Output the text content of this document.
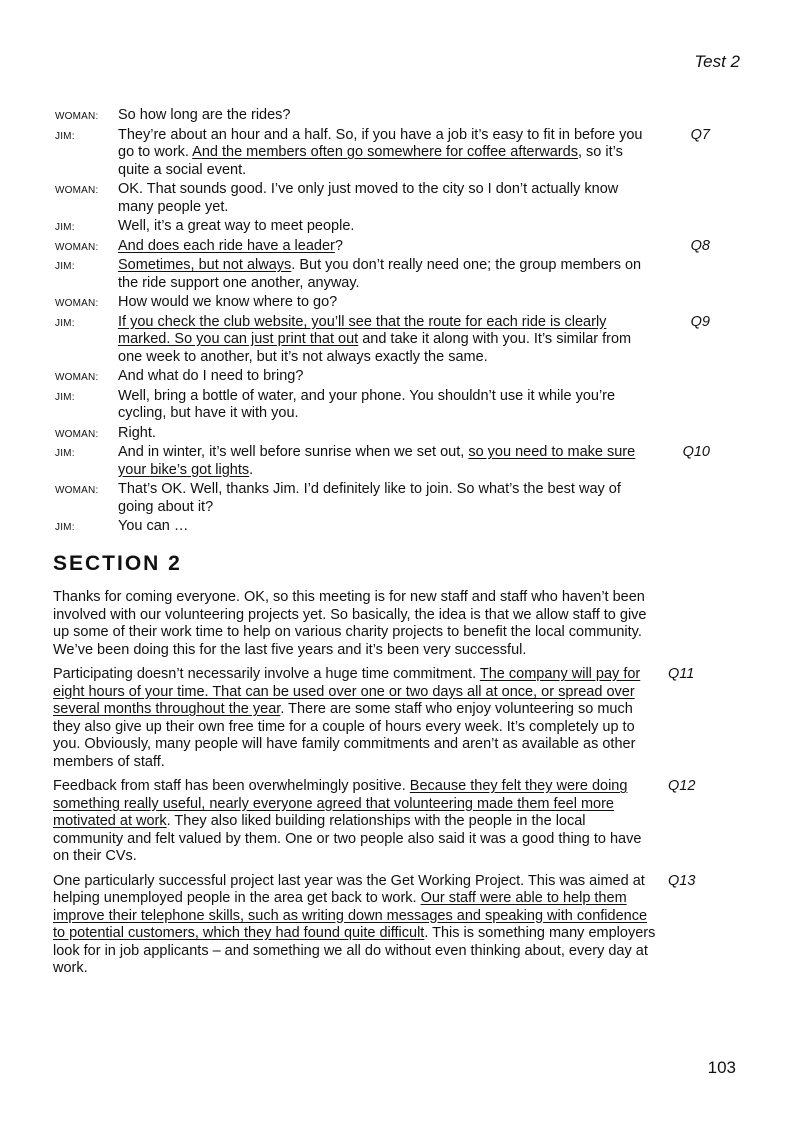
Test 2
WOMAN:	So how long are the rides?
JIM:	They’re about an hour and a half. So, if you have a job it’s easy to fit in before you go to work. And the members often go somewhere for coffee afterwards, so it’s quite a social event.
Q7
WOMAN:	OK. That sounds good. I’ve only just moved to the city so I don’t actually know many people yet.
JIM:	Well, it’s a great way to meet people.
WOMAN:	And does each ride have a leader?	Q8
JIM:	Sometimes, but not always. But you don’t really need one; the group members on the ride support one another, anyway.
WOMAN:	How would we know where to go?
JIM:	If you check the club website, you’ll see that the route for each ride is clearly marked. So you can just print that out and take it along with you. It’s similar from one week to another, but it’s not always exactly the same.
Q9
WOMAN:	And what do I need to bring?
JIM:	Well, bring a bottle of water, and your phone. You shouldn’t use it while you’re cycling, but have it with you.
WOMAN:	Right.
JIM:	And in winter, it’s well before sunrise when we set out, so you need to make sure your bike’s got lights.
Q10
WOMAN:	That’s OK. Well, thanks Jim. I’d definitely like to join. So what’s the best way of going about it?
JIM:	You can …
SECTION 2
Thanks for coming everyone. OK, so this meeting is for new staff and staff who haven’t been involved with our volunteering projects yet. So basically, the idea is that we allow staff to give up some of their work time to help on various charity projects to benefit the local community. We’ve been doing this for the last five years and it’s been very successful.
Participating doesn’t necessarily involve a huge time commitment. The company will pay for eight hours of your time. That can be used over one or two days all at once, or spread over several months throughout the year. There are some staff who enjoy volunteering so much they also give up their own free time for a couple of hours every week. It’s completely up to you. Obviously, many people will have family commitments and aren’t as available as other members of staff.
Q11
Feedback from staff has been overwhelmingly positive. Because they felt they were doing something really useful, nearly everyone agreed that volunteering made them feel more motivated at work. They also liked building relationships with the people in the local community and felt valued by them. One or two people also said it was a good thing to have on their CVs.
Q12
One particularly successful project last year was the Get Working Project. This was aimed at helping unemployed people in the area get back to work. Our staff were able to help them improve their telephone skills, such as writing down messages and speaking with confidence to potential customers, which they had found quite difficult. This is something many employers look for in job applicants – and something we all do without even thinking about, every day at work.
Q13
103
